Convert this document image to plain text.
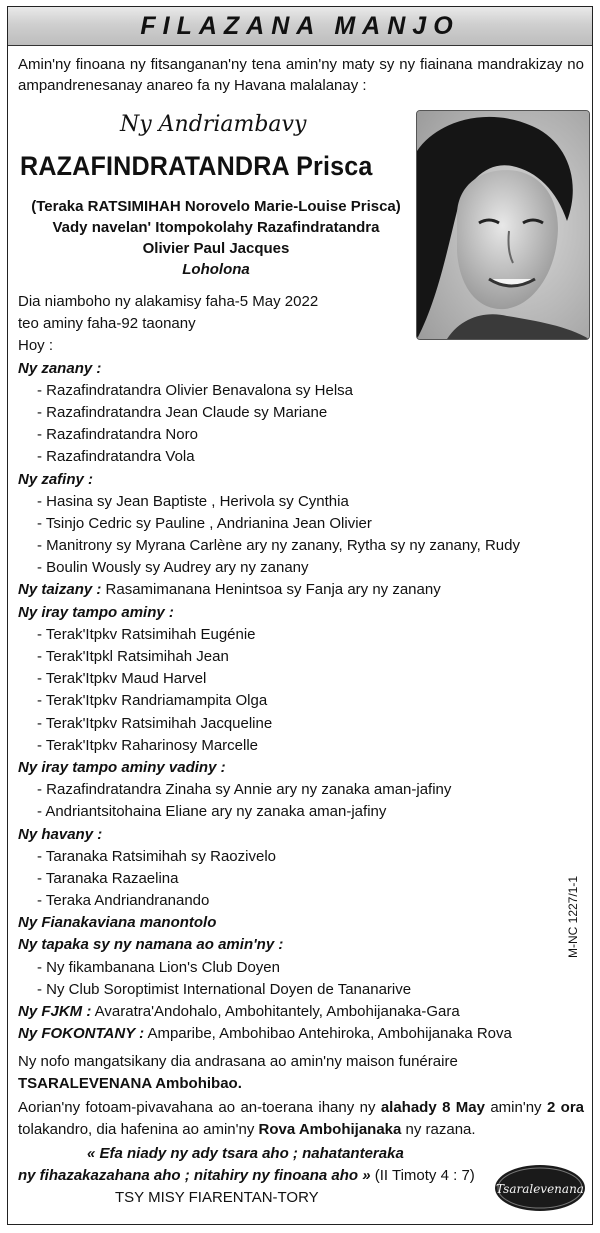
FILAZANA MANJO
Amin'ny finoana ny fitsanganan'ny tena amin'ny maty sy ny fiainana mandrakizay no ampandrenesanay anareo fa ny Havana malalanay :
Ny Andriambavy
RAZAFINDRATANDRA Prisca
(Teraka RATSIMIHAH Norovelo Marie-Louise Prisca)
Vady navelan' Itompokolahy Razafindratandra
Olivier Paul Jacques
Loholona
Dia niamboho ny alakamisy faha-5 May 2022
teo aminy faha-92 taonany
Hoy :
Ny zanany :
- Razafindratandra Olivier Benavalona sy Helsa
- Razafindratandra Jean Claude sy Mariane
- Razafindratandra Noro
- Razafindratandra Vola
Ny zafiny :
- Hasina sy Jean Baptiste , Herivola sy Cynthia
- Tsinjo Cedric sy Pauline , Andrianina Jean Olivier
- Manitrony sy Myrana Carlène ary ny zanany, Rytha sy ny zanany, Rudy
- Boulin Wously sy Audrey ary ny zanany
Ny taizany : Rasamimanana Henintsoa sy Fanja ary ny zanany
Ny iray tampo aminy :
- Terak'Itpkv Ratsimihah Eugénie
- Terak'Itpkl Ratsimihah Jean
- Terak'Itpkv Maud Harvel
- Terak'Itpkv Randriamampita Olga
- Terak'Itpkv Ratsimihah Jacqueline
- Terak'Itpkv Raharinosy Marcelle
Ny iray tampo aminy vadiny :
- Razafindratandra Zinaha sy Annie ary ny zanaka aman-jafiny
- Andriantsitohaina Eliane ary ny zanaka aman-jafiny
Ny havany :
- Taranaka Ratsimihah sy Raozivelo
- Taranaka Razaelina
- Teraka Andriandranando
Ny Fianakaviana manontolo
Ny tapaka sy ny namana ao amin'ny :
- Ny fikambanana Lion's Club Doyen
- Ny Club Soroptimist International Doyen de Tananarive
Ny FJKM : Avaratra'Andohalo, Ambohitantely, Ambohijanaka-Gara
Ny FOKONTANY : Amparibe, Ambohibao Antehiroka, Ambohijanaka Rova
Ny nofo mangatsikany dia andrasana ao amin'ny maison funéraire
TSARALEVENANA Ambohibao.
Aorian'ny fotoam-pivavahana ao an-toerana ihany ny alahady 8 May amin'ny 2 ora tolakandro, dia hafenina ao amin'ny Rova Ambohijanaka ny razana.
« Efa niady ny ady tsara aho ; nahatanteraka
ny fihazakazahana aho ; nitahiry ny finoana aho » (II Timoty 4 : 7)
TSY MISY FIARENTAN-TORY	Tsaralevenana
M-NC 1227/1-1
